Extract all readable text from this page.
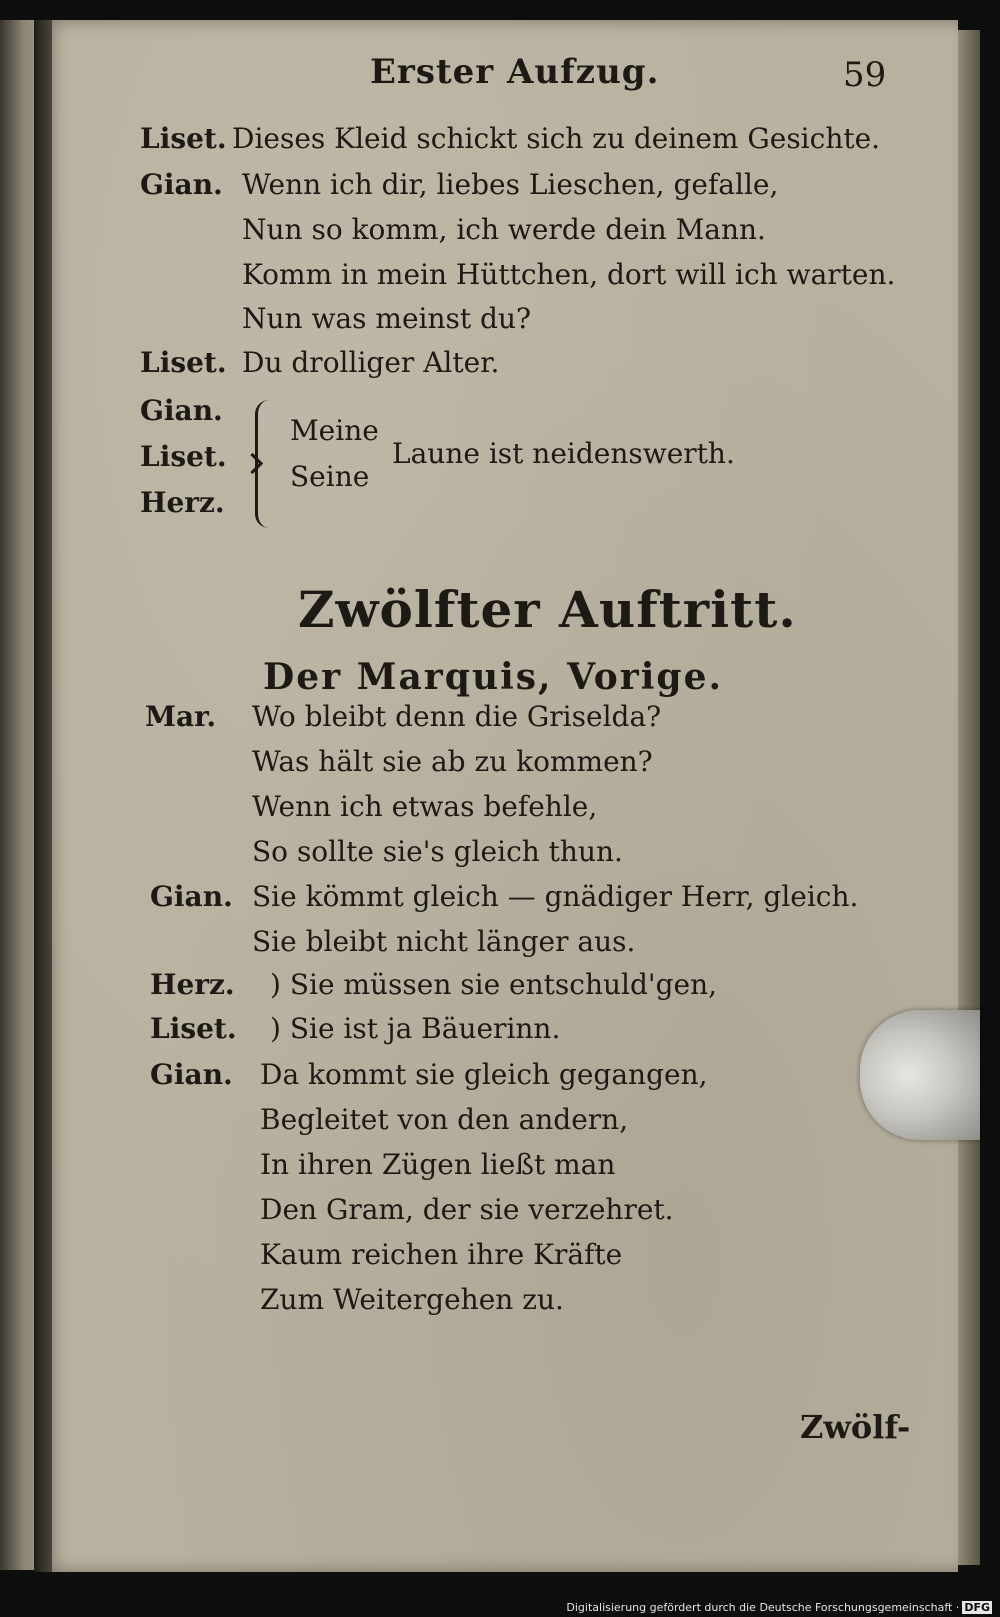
Erster Aufzug.	59
Liset. Dieses Kleid schickt sich zu deinem Gesichte.
Gian. Wenn ich dir, liebes Lieschen, gefalle,
Nun so komm, ich werde dein Mann.
Komm in mein Hüttchen, dort will ich warten.
Nun was meinst du?
Liset. Du drolliger Alter.
Gian.
Liset.
Herz.
Meine
Seine
Laune ist neidenswerth.
Zwölfter Auftritt.
Der Marquis, Vorige.
Mar. Wo bleibt denn die Griselda?
Was hält sie ab zu kommen?
Wenn ich etwas befehle,
So sollte sie's gleich thun.
Gian. Sie kömmt gleich — gnädiger Herr, gleich.
Sie bleibt nicht länger aus.
Herz. ) Sie müssen sie entschuld'gen,
Liset. ) Sie ist ja Bäuerinn.
Gian. Da kommt sie gleich gegangen,
Begleitet von den andern,
In ihren Zügen ließt man
Den Gram, der sie verzehret.
Kaum reichen ihre Kräfte
Zum Weitergehen zu.
Zwölf-
Digitalisierung gefördert durch die Deutsche Forschungsgemeinschaft · DFG
